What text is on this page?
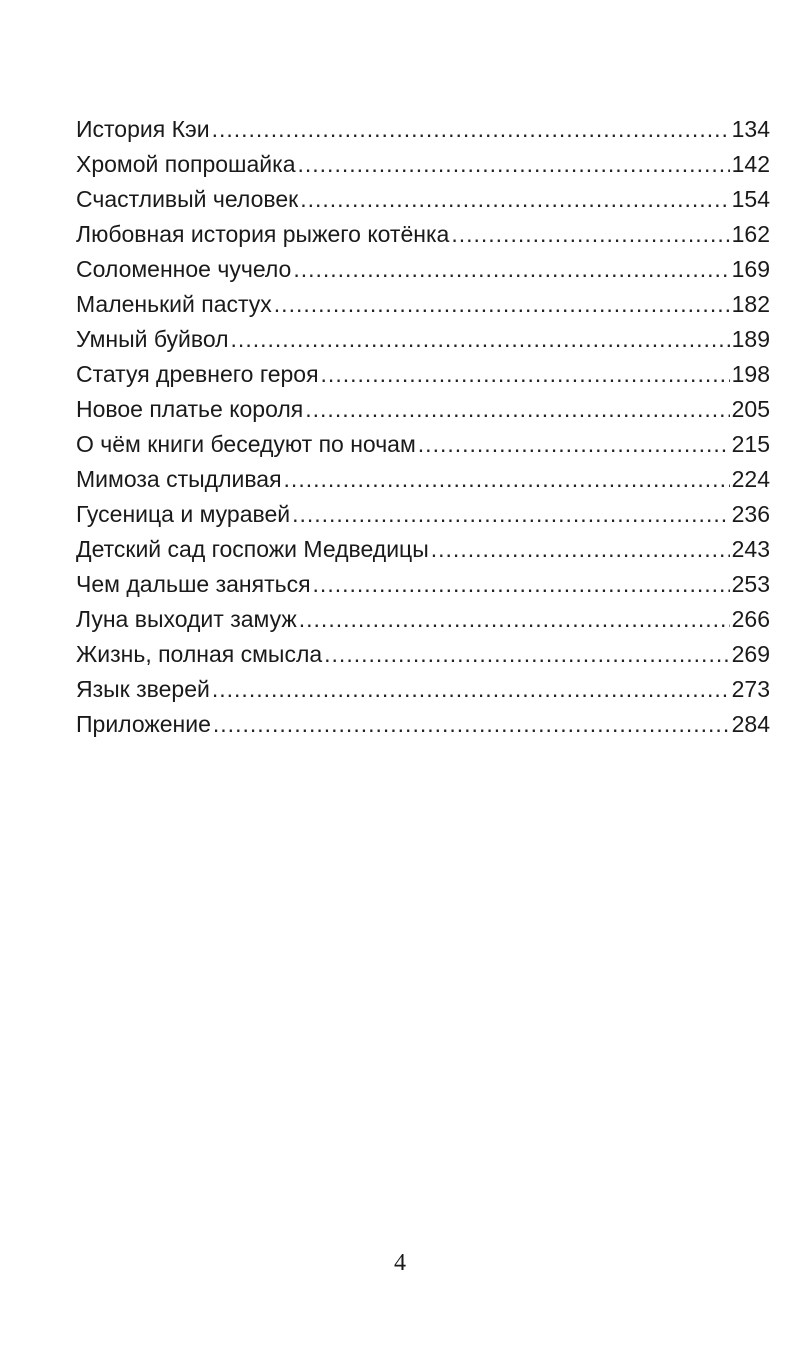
История Кэи .....	134
Хромой попрошайка .....	142
Счастливый человек .....	154
Любовная история рыжего котёнка .....	162
Соломенное чучело .....	169
Маленький пастух .....	182
Умный буйвол .....	189
Статуя древнего героя .....	198
Новое платье короля .....	205
О чём книги беседуют по ночам .....	215
Мимоза стыдливая .....	224
Гусеница и муравей .....	236
Детский сад госпожи Медведицы .....	243
Чем дальше заняться .....	253
Луна выходит замуж .....	266
Жизнь, полная смысла .....	269
Язык зверей .....	273
Приложение .....	284
4
